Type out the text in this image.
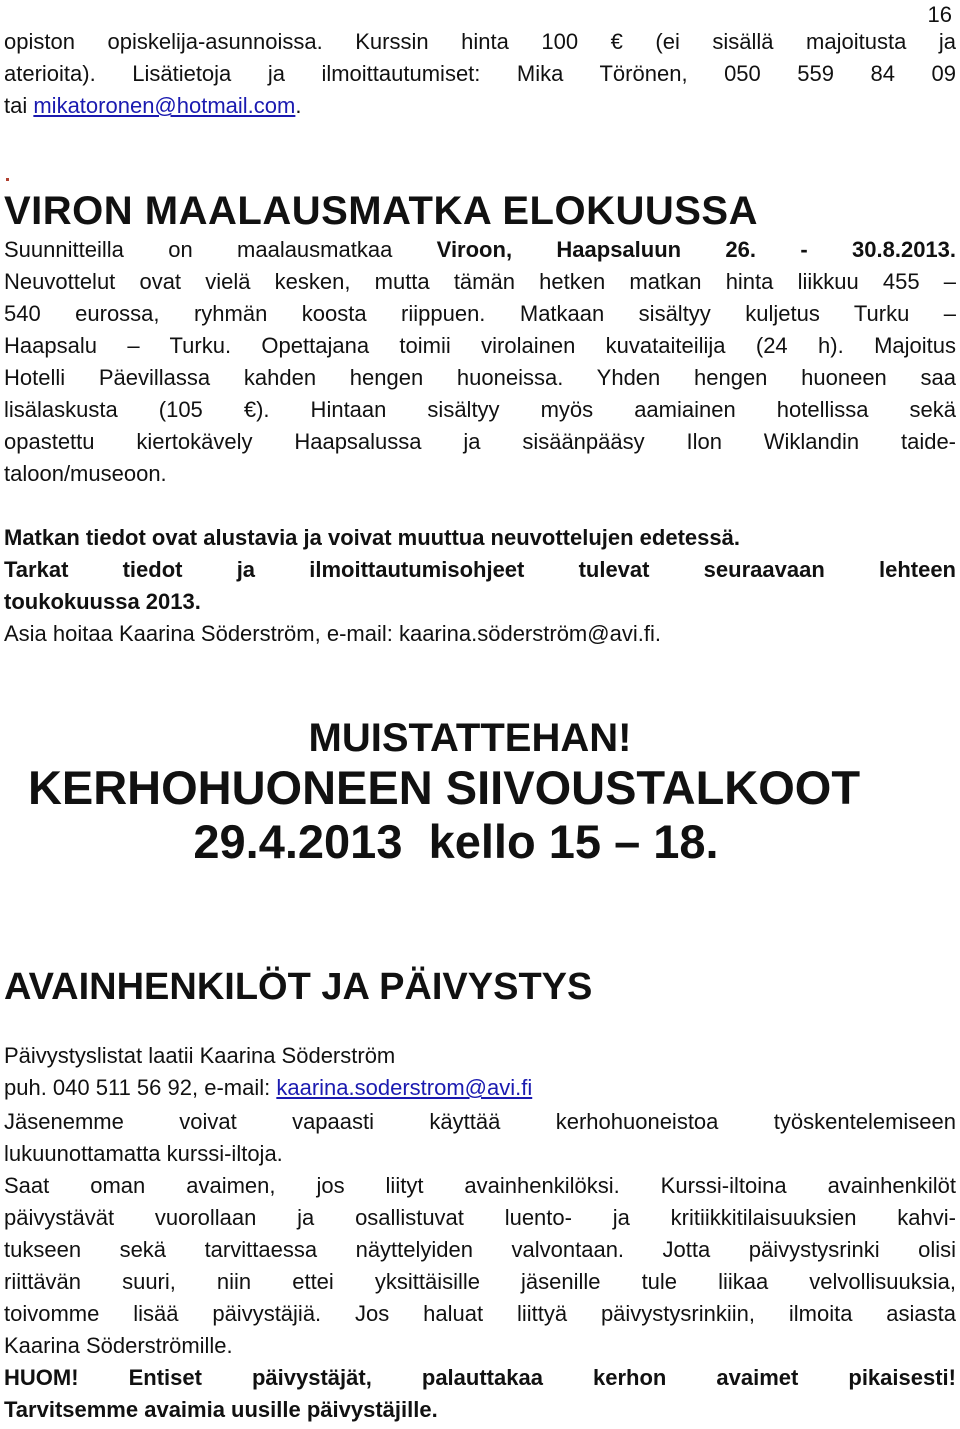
16
opiston opiskelija-asunnoissa. Kurssin hinta 100 € (ei sisällä majoitusta ja
aterioita). Lisätietoja ja ilmoittautumiset: Mika Törönen, 050 559 84 09
tai mikatoronen@hotmail.com.
VIRON MAALAUSMATKA ELOKUUSSA
Suunnitteilla on maalausmatkaa Viroon, Haapsaluun 26. - 30.8.2013.
Neuvottelut ovat vielä kesken, mutta tämän hetken matkan hinta liikkuu 455 –
540 eurossa, ryhmän koosta riippuen. Matkaan sisältyy kuljetus Turku –
Haapsalu – Turku. Opettajana toimii virolainen kuvataiteilija (24 h). Majoitus
Hotelli Päevillassa kahden hengen huoneissa. Yhden hengen huoneen saa
lisälaskusta (105 €). Hintaan sisältyy myös aamiainen hotellissa sekä
opastettu kiertokävely Haapsalussa ja sisäänpääsy Ilon Wiklandin taide-
taloon/museoon.
Matkan tiedot ovat alustavia ja voivat muuttua neuvottelujen edetessä.
Tarkat tiedot ja ilmoittautumisohjeet tulevat seuraavaan lehteen
toukokuussa 2013.
Asia hoitaa Kaarina Söderström, e-mail: kaarina.söderström@avi.fi.
MUISTATTEHAN!
KERHOHUONEEN SIIVOUSTALKOOT
29.4.2013  kello 15 – 18.
AVAINHENKILÖT JA PÄIVYSTYS
Päivystyslistat laatii Kaarina Söderström
puh. 040 511 56 92, e-mail: kaarina.soderstrom@avi.fi
Jäsenemme voivat vapaasti käyttää kerhohuoneistoa työskentelemiseen
lukuunottamatta kurssi-iltoja.
Saat oman avaimen, jos liityt avainhenkilöksi. Kurssi-iltoina avainhenkilöt
päivystävät vuorollaan ja osallistuvat luento- ja kritiikkitilaisuuksien kahvi-
tukseen sekä tarvittaessa näyttelyiden valvontaan. Jotta päivystysrinki olisi
riittävän suuri, niin ettei yksittäisille jäsenille tule liikaa velvollisuuksia,
toivomme lisää päivystäjiä. Jos haluat liittyä päivystysrinkiin, ilmoita asiasta
Kaarina Söderströmille.
HUOM! Entiset päivystäjät, palauttakaa kerhon avaimet pikaisesti!
Tarvitsemme avaimia uusille päivystäjille.
